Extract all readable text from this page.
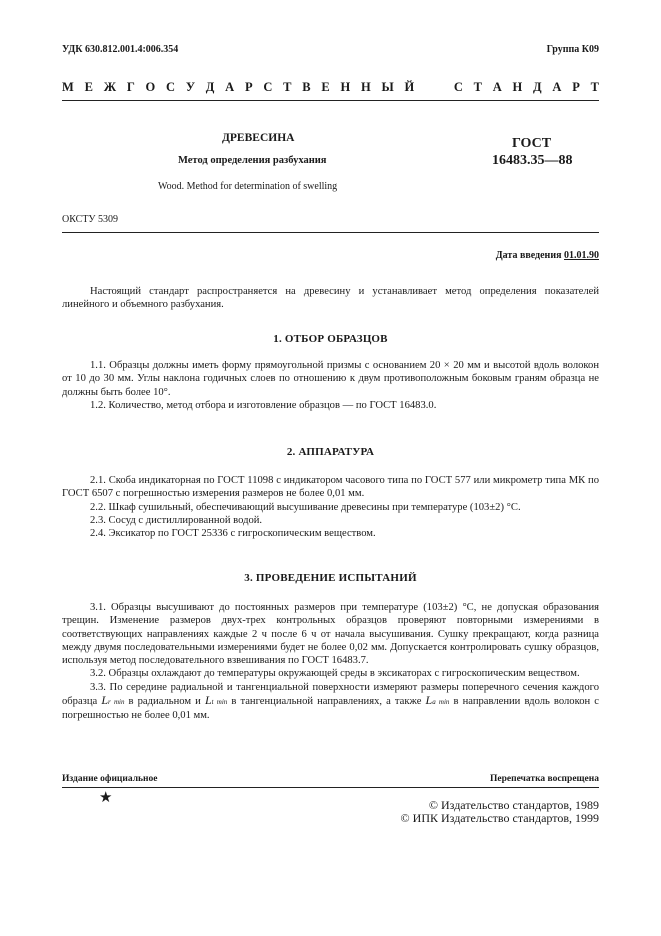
УДК 630.812.001.4:006.354	Группа К09
М Е Ж Г О С У Д А Р С Т В Е Н Н Ы Й
	С Т А Н Д А Р Т
ДРЕВЕСИНА
Метод определения разбухания
Wood. Method for determination of swelling
ГОСТ
16483.35—88
ОКСТУ 5309
Дата введения 01.01.90

Настоящий стандарт распространяется на древесину и устанавливает метод определения показателей линейного и объемного разбухания.

1. ОТБОР ОБРАЗЦОВ

1.1. Образцы должны иметь форму прямоугольной призмы с основанием 20 × 20 мм и высотой вдоль волокон от 10 до 30 мм. Углы наклона годичных слоев по отношению к двум противоположным боковым граням образца не должны быть более 10°.

1.2. Количество, метод отбора и изготовление образцов — по ГОСТ 16483.0.

2. АППАРАТУРА

2.1. Скоба индикаторная по ГОСТ 11098 с индикатором часового типа по ГОСТ 577 или микрометр типа МК по ГОСТ 6507 с погрешностью измерения размеров не более 0,01 мм.

2.2. Шкаф сушильный, обеспечивающий высушивание древесины при температуре (103±2) °С.

2.3. Сосуд с дистиллированной водой.

2.4. Эксикатор по ГОСТ 25336 с гигроскопическим веществом.

3. ПРОВЕДЕНИЕ ИСПЫТАНИЙ

3.1. Образцы высушивают до постоянных размеров при температуре (103±2) °С, не допуская образования трещин. Изменение размеров двух-трех контрольных образцов проверяют повторными измерениями в соответствующих направлениях каждые 2 ч после 6 ч от начала высушивания. Сушку прекращают, когда разница между двумя последовательными измерениями будет не более 0,02 мм. Допускается контролировать сушку образцов, используя метод последовательного взвешивания по ГОСТ 16483.7.

3.2. Образцы охлаждают до температуры окружающей среды в эксикаторах с гигроскопическим веществом.

3.3. По середине радиальной и тангенциальной поверхности измеряют размеры поперечного сечения каждого образца Lr min в радиальном и Lt min в тангенциальной направлениях, а также La min в направлении вдоль волокон с погрешностью не более 0,01 мм.

Издание официальное	Перепечатка воспрещена
★	© Издательство стандартов, 1989
© ИПК Издательство стандартов, 1999
